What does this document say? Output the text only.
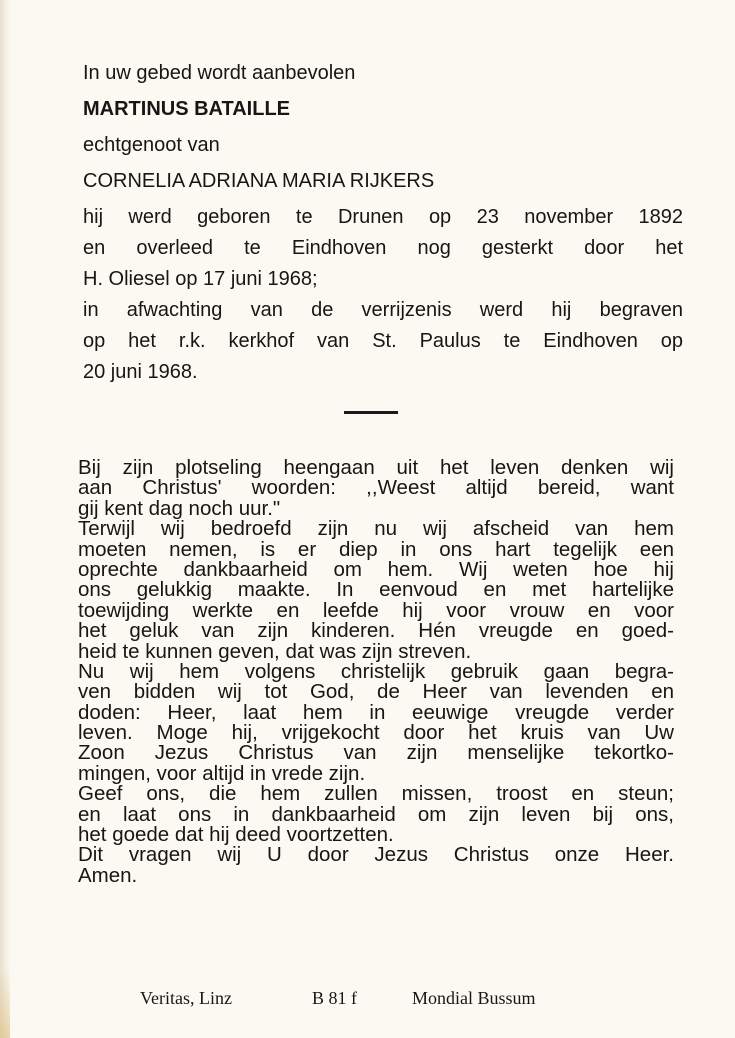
In uw gebed wordt aanbevolen
MARTINUS BATAILLE
echtgenoot van
CORNELIA ADRIANA MARIA RIJKERS
hij werd geboren te Drunen op 23 november 1892
en overleed te Eindhoven nog gesterkt door het
H. Oliesel op 17 juni 1968;
in afwachting van de verrijzenis werd hij begraven
op het r.k. kerkhof van St. Paulus te Eindhoven op
20 juni 1968.
Bij zijn plotseling heengaan uit het leven denken wij
aan Christus' woorden: ,,Weest altijd bereid, want
gij kent dag noch uur."
Terwijl wij bedroefd zijn nu wij afscheid van hem
moeten nemen, is er diep in ons hart tegelijk een
oprechte dankbaarheid om hem. Wij weten hoe hij
ons gelukkig maakte. In eenvoud en met hartelijke
toewijding werkte en leefde hij voor vrouw en voor
het geluk van zijn kinderen. Hén vreugde en goed-
heid te kunnen geven, dat was zijn streven.
Nu wij hem volgens christelijk gebruik gaan begra-
ven bidden wij tot God, de Heer van levenden en
doden: Heer, laat hem in eeuwige vreugde verder
leven. Moge hij, vrijgekocht door het kruis van Uw
Zoon Jezus Christus van zijn menselijke tekortko-
mingen, voor altijd in vrede zijn.
Geef ons, die hem zullen missen, troost en steun;
en laat ons in dankbaarheid om zijn leven bij ons,
het goede dat hij deed voortzetten.
Dit vragen wij U door Jezus Christus onze Heer.
Amen.
Veritas, Linz	B 81 f	Mondial Bussum
